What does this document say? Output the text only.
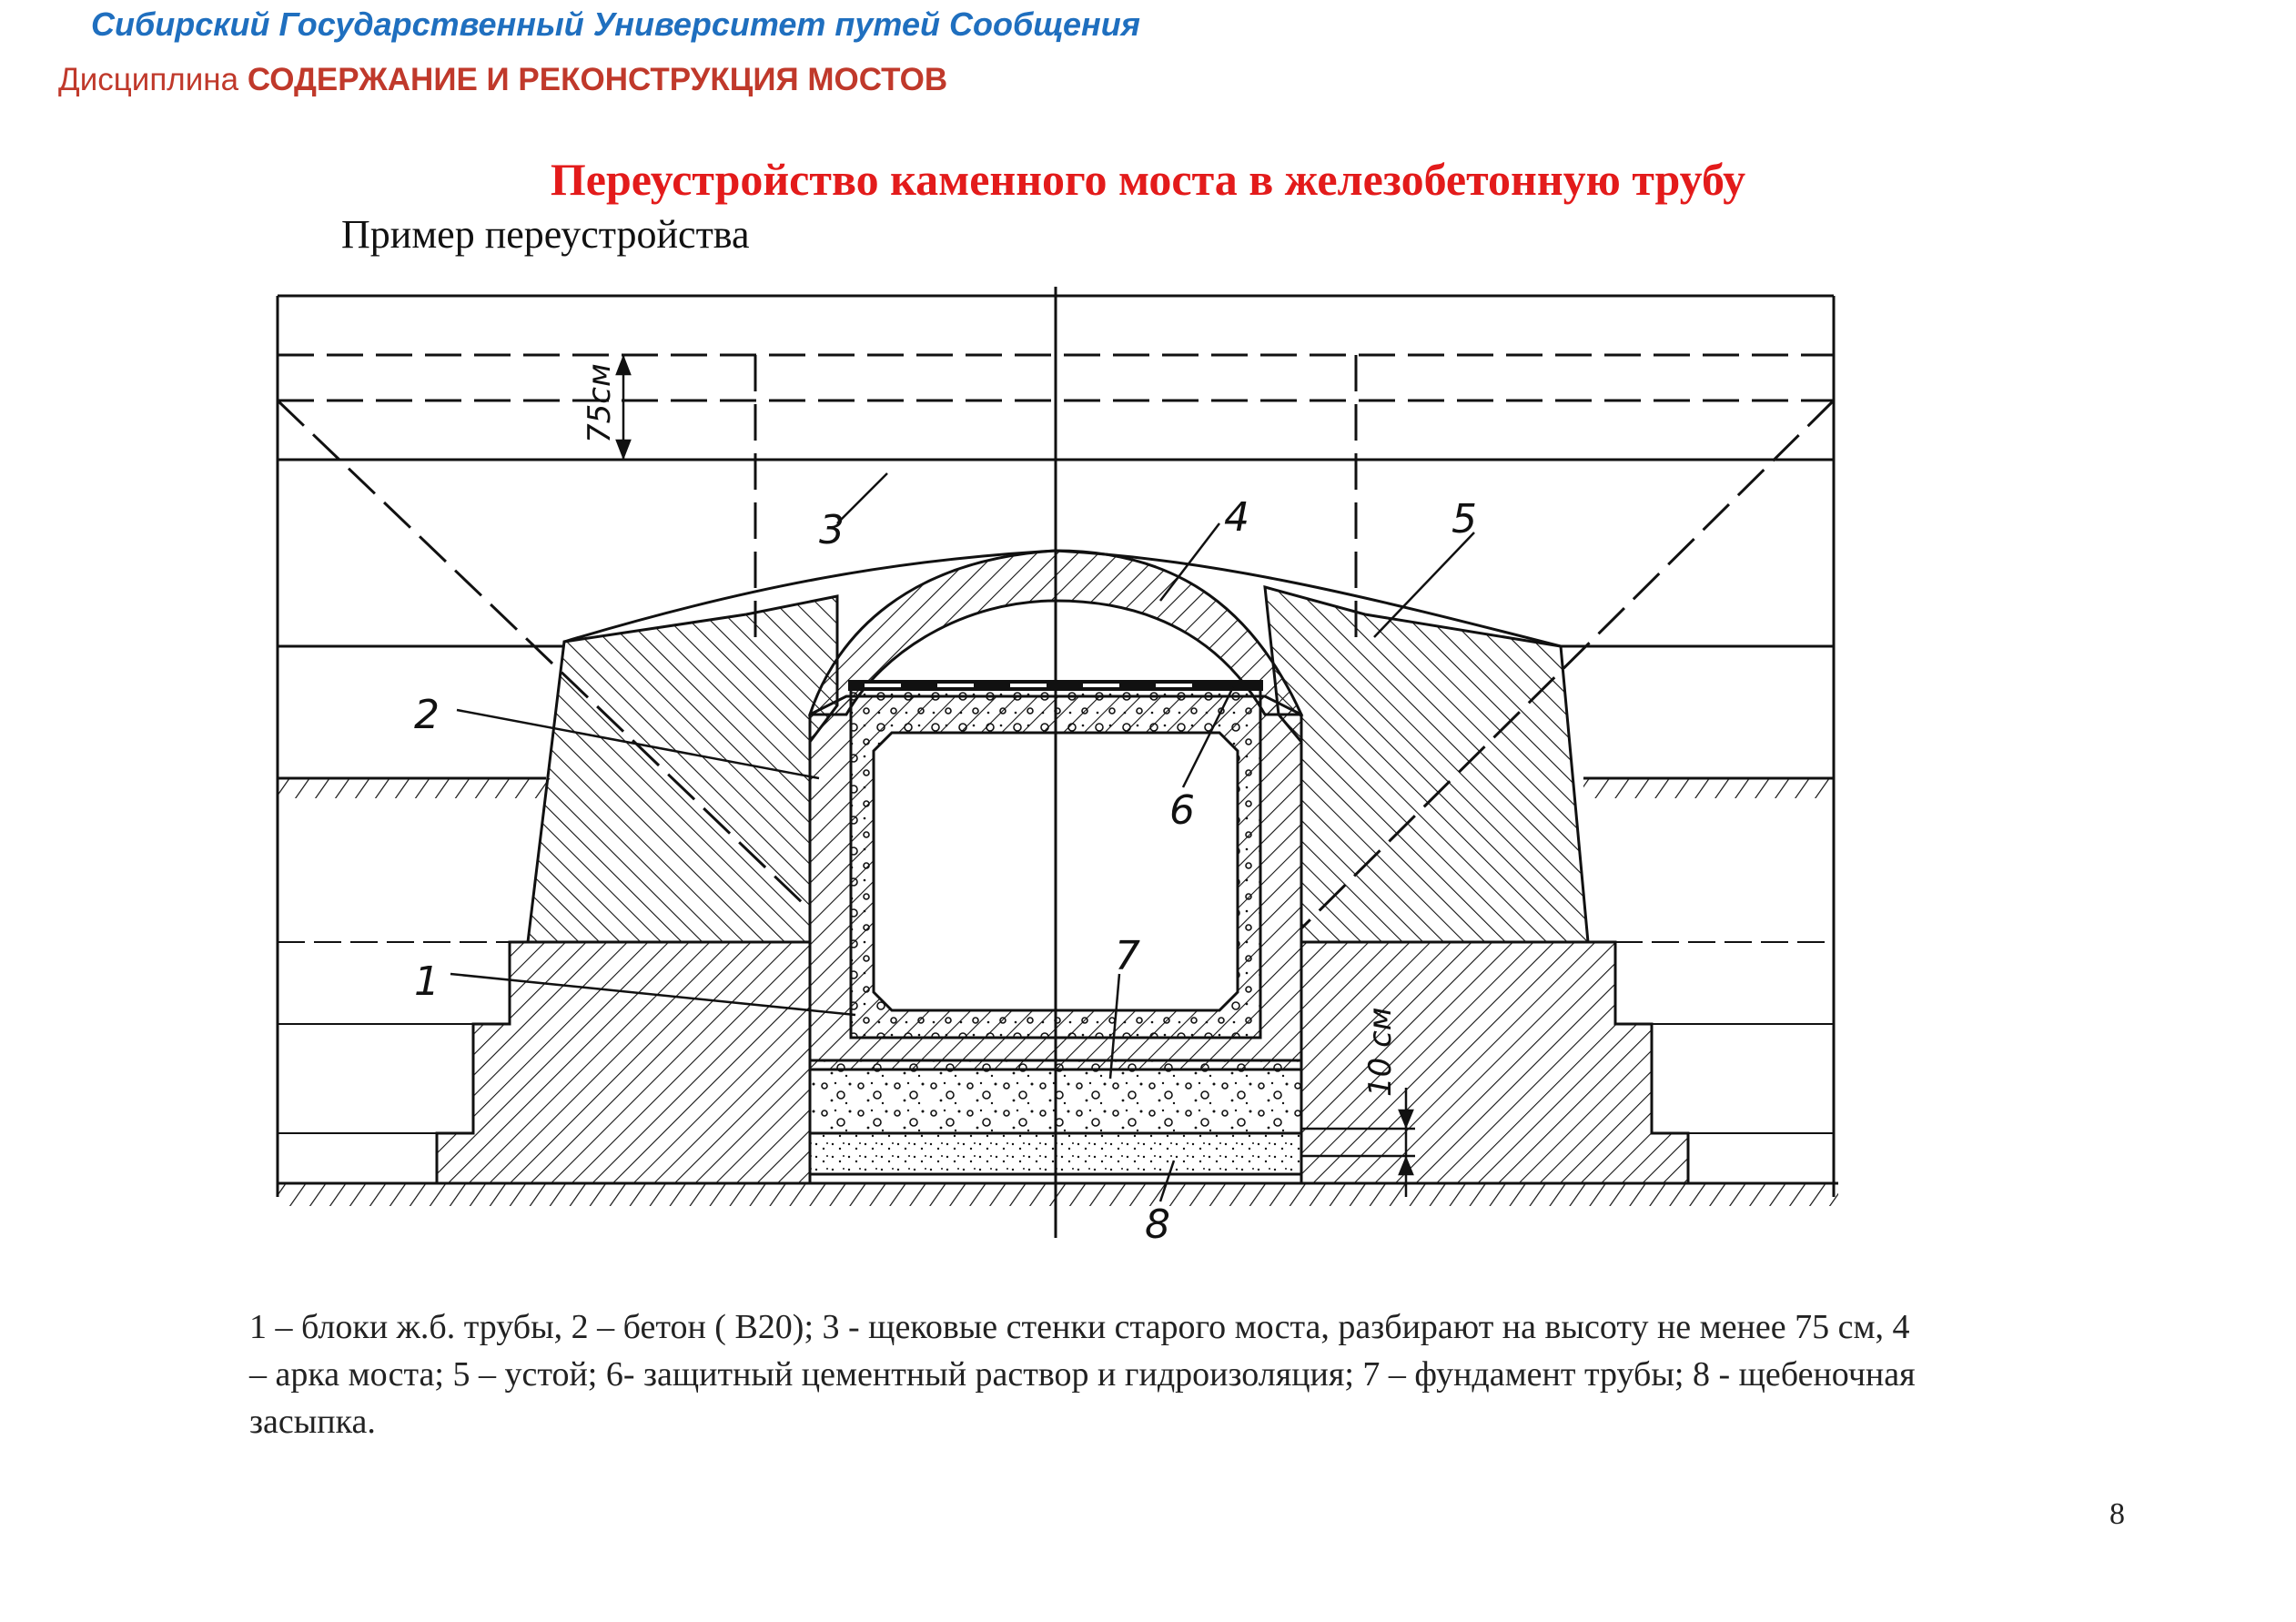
Сибирский Государственный Университет путей Сообщения
Дисциплина СОДЕРЖАНИЕ И РЕКОНСТРУКЦИЯ МОСТОВ
Переустройство каменного моста в железобетонную трубу
Пример переустройства
75см
10 см
1
2
3	4	5
6
7
8
1 – блоки ж.б. трубы, 2 – бетон ( В20); 3 - щековые стенки старого моста, разбирают на высоту не менее 75 см, 4 – арка моста; 5 – устой; 6- защитный цементный раствор и гидроизоляция; 7 – фундамент трубы; 8 - щебеночная засыпка.
8
